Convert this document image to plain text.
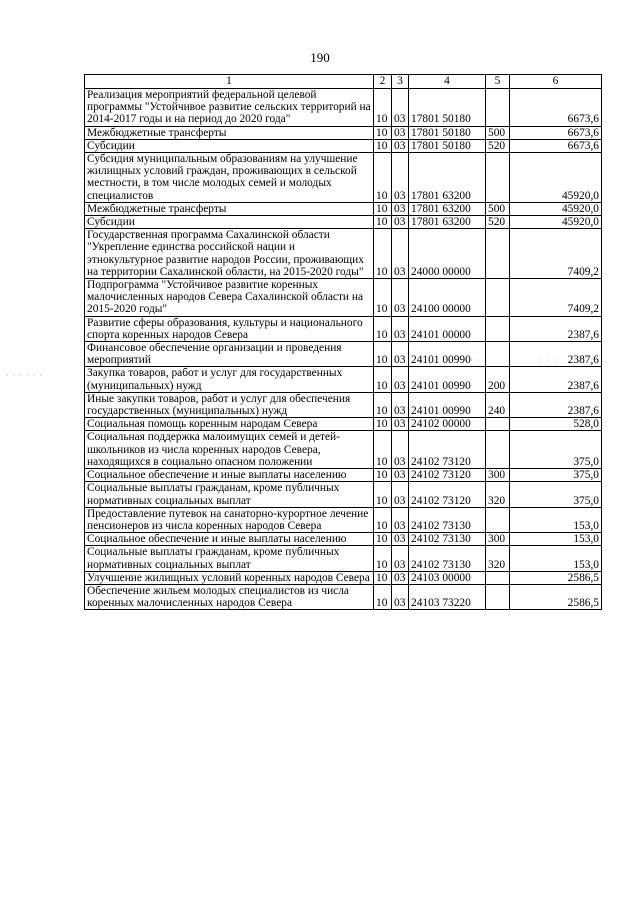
190
· · · · · ·
· ·	· · ·
1	2	3	4	5	6
Реализация мероприятий федеральной целевой программы "Устойчивое развитие сельских территорий на 2014-2017 годы и на период до 2020 года"	10	03	17801 50180		6673,6
Межбюджетные трансферты	10	03	17801 50180	500	6673,6
Субсидии	10	03	17801 50180	520	6673,6
Субсидия муниципальным образованиям на улучшение жилищных условий граждан, проживающих в сельской местности, в том числе молодых семей и молодых специалистов	10	03	17801 63200		45920,0
Межбюджетные трансферты	10	03	17801 63200	500	45920,0
Субсидии	10	03	17801 63200	520	45920,0
Государственная программа Сахалинской области "Укрепление единства российской нации и этнокультурное развитие народов России, проживающих на территории Сахалинской области, на 2015-2020 годы"	10	03	24000 00000		7409,2
Подпрограмма "Устойчивое развитие коренных малочисленных народов Севера Сахалинской области на 2015-2020 годы"	10	03	24100 00000		7409,2
Развитие сферы образования, культуры и национального спорта коренных народов Севера	10	03	24101 00000		2387,6
Финансовое обеспечение организации и проведения мероприятий	10	03	24101 00990		2387,6
Закупка товаров, работ и услуг для государственных (муниципальных) нужд	10	03	24101 00990	200	2387,6
Иные закупки товаров, работ и услуг для обеспечения государственных (муниципальных) нужд	10	03	24101 00990	240	2387,6
Социальная помощь коренным народам Севера	10	03	24102 00000		528,0
Социальная поддержка малоимущих семей и детей-школьников из числа коренных народов Севера, находящихся в социально опасном положении	10	03	24102 73120		375,0
Социальное обеспечение и иные выплаты населению	10	03	24102 73120	300	375,0
Социальные выплаты гражданам, кроме публичных нормативных социальных выплат	10	03	24102 73120	320	375,0
Предоставление путевок на санаторно-курортное лечение пенсионеров из числа коренных народов Севера	10	03	24102 73130		153,0
Социальное обеспечение и иные выплаты населению	10	03	24102 73130	300	153,0
Социальные выплаты гражданам, кроме публичных нормативных социальных выплат	10	03	24102 73130	320	153,0
Улучшение жилищных условий коренных народов Севера	10	03	24103 00000		2586,5
Обеспечение жильем молодых специалистов из числа коренных малочисленных народов Севера	10	03	24103 73220		2586,5
